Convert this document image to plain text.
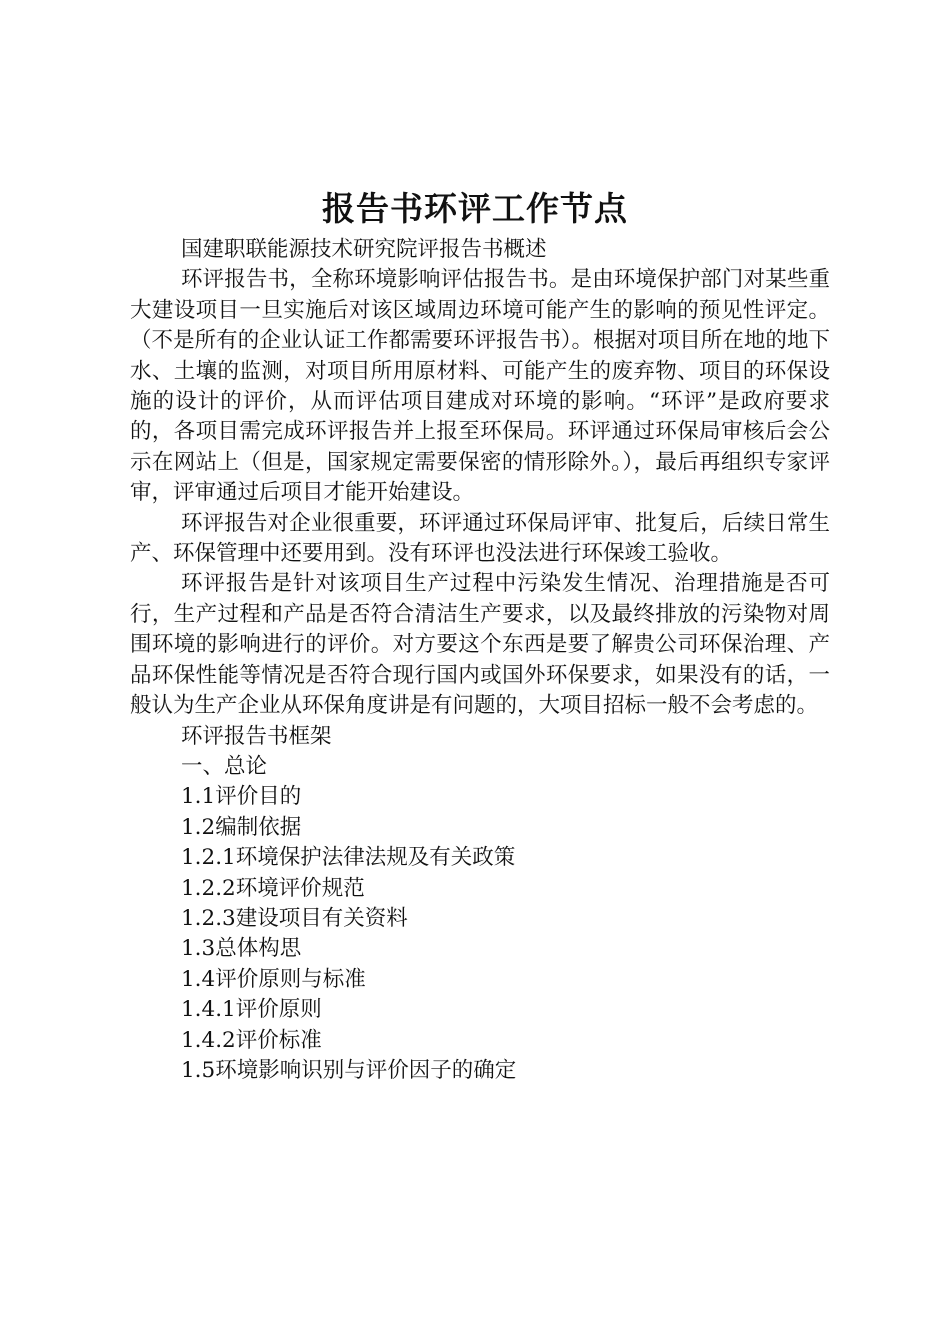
报告书环评工作节点

国建职联能源技术研究院评报告书概述

环评报告书，全称环境影响评估报告书。是由环境保护部门对某些重大建设项目一旦实施后对该区域周边环境可能产生的影响的预见性评定。（不是所有的企业认证工作都需要环评报告书）。根据对项目所在地的地下水、土壤的监测，对项目所用原材料、可能产生的废弃物、项目的环保设施的设计的评价，从而评估项目建成对环境的影响。“环评”是政府要求的，各项目需完成环评报告并上报至环保局。环评通过环保局审核后会公示在网站上（但是，国家规定需要保密的情形除外。），最后再组织专家评审，评审通过后项目才能开始建设。

环评报告对企业很重要，环评通过环保局评审、批复后，后续日常生产、环保管理中还要用到。没有环评也没法进行环保竣工验收。

环评报告是针对该项目生产过程中污染发生情况、治理措施是否可行，生产过程和产品是否符合清洁生产要求，以及最终排放的污染物对周围环境的影响进行的评价。对方要这个东西是要了解贵公司环保治理、产品环保性能等情况是否符合现行国内或国外环保要求，如果没有的话，一般认为生产企业从环保角度讲是有问题的，大项目招标一般不会考虑的。

环评报告书框架

一、总论
1.1评价目的
1.2编制依据
1.2.1环境保护法律法规及有关政策
1.2.2环境评价规范
1.2.3建设项目有关资料
1.3总体构思
1.4评价原则与标准
1.4.1评价原则
1.4.2评价标准
1.5环境影响识别与评价因子的确定
